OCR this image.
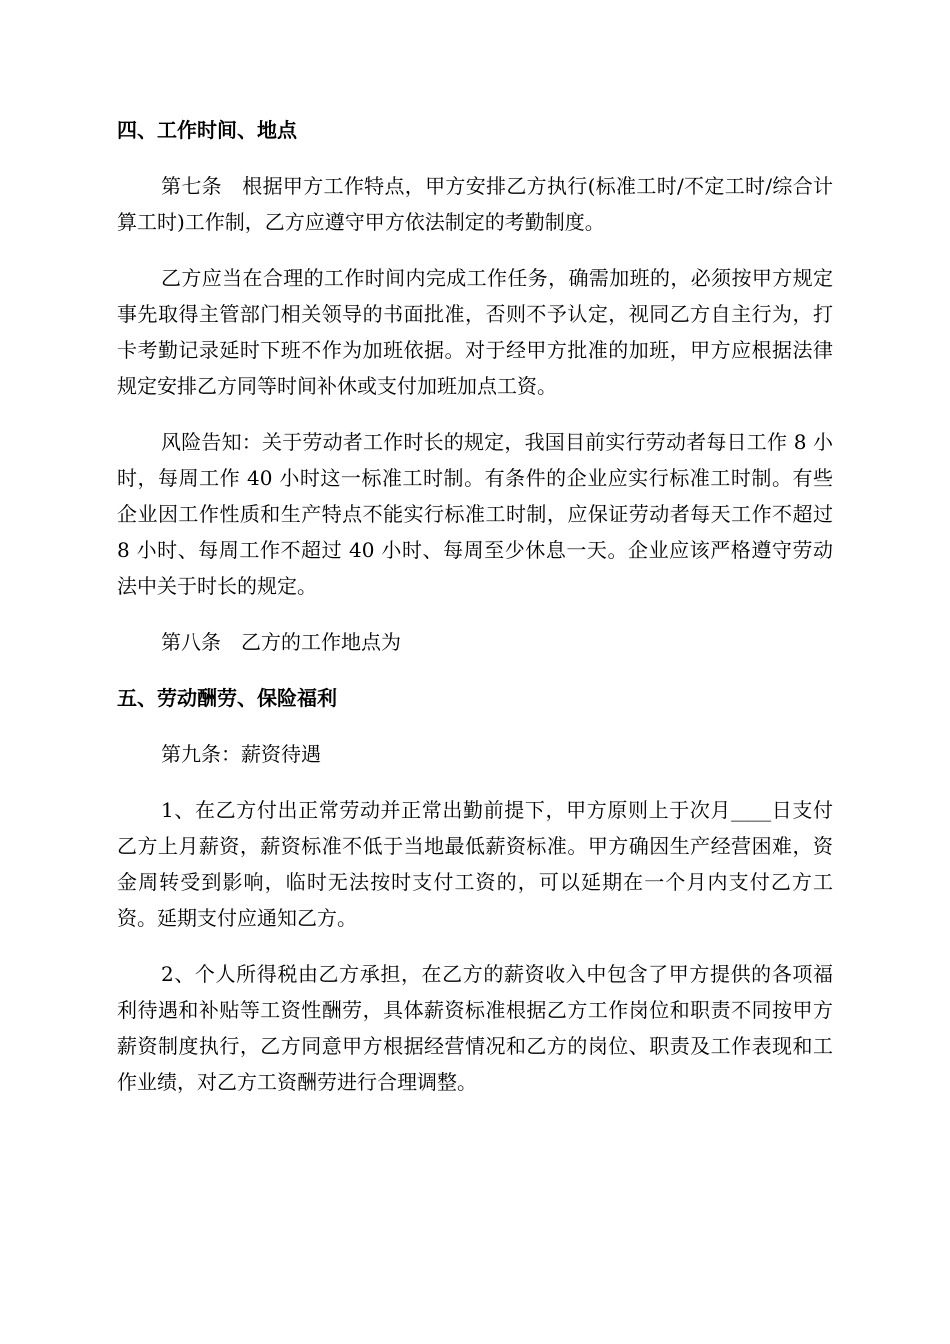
四、工作时间、地点

第七条 根据甲方工作特点，甲方安排乙方执行(标准工时/不定工时/综合计算工时)工作制，乙方应遵守甲方依法制定的考勤制度。

乙方应当在合理的工作时间内完成工作任务，确需加班的，必须按甲方规定事先取得主管部门相关领导的书面批准，否则不予认定，视同乙方自主行为，打卡考勤记录延时下班不作为加班依据。对于经甲方批准的加班，甲方应根据法律规定安排乙方同等时间补休或支付加班加点工资。

风险告知：关于劳动者工作时长的规定，我国目前实行劳动者每日工作 8 小时，每周工作 40 小时这一标准工时制。有条件的企业应实行标准工时制。有些企业因工作性质和生产特点不能实行标准工时制，应保证劳动者每天工作不超过 8 小时、每周工作不超过 40 小时、每周至少休息一天。企业应该严格遵守劳动法中关于时长的规定。

第八条 乙方的工作地点为

五、劳动酬劳、保险福利

第九条：薪资待遇

1、在乙方付出正常劳动并正常出勤前提下，甲方原则上于次月____日支付乙方上月薪资，薪资标准不低于当地最低薪资标准。甲方确因生产经营困难，资金周转受到影响，临时无法按时支付工资的，可以延期在一个月内支付乙方工资。延期支付应通知乙方。

2、个人所得税由乙方承担，在乙方的薪资收入中包含了甲方提供的各项福利待遇和补贴等工资性酬劳，具体薪资标准根据乙方工作岗位和职责不同按甲方薪资制度执行，乙方同意甲方根据经营情况和乙方的岗位、职责及工作表现和工作业绩，对乙方工资酬劳进行合理调整。
